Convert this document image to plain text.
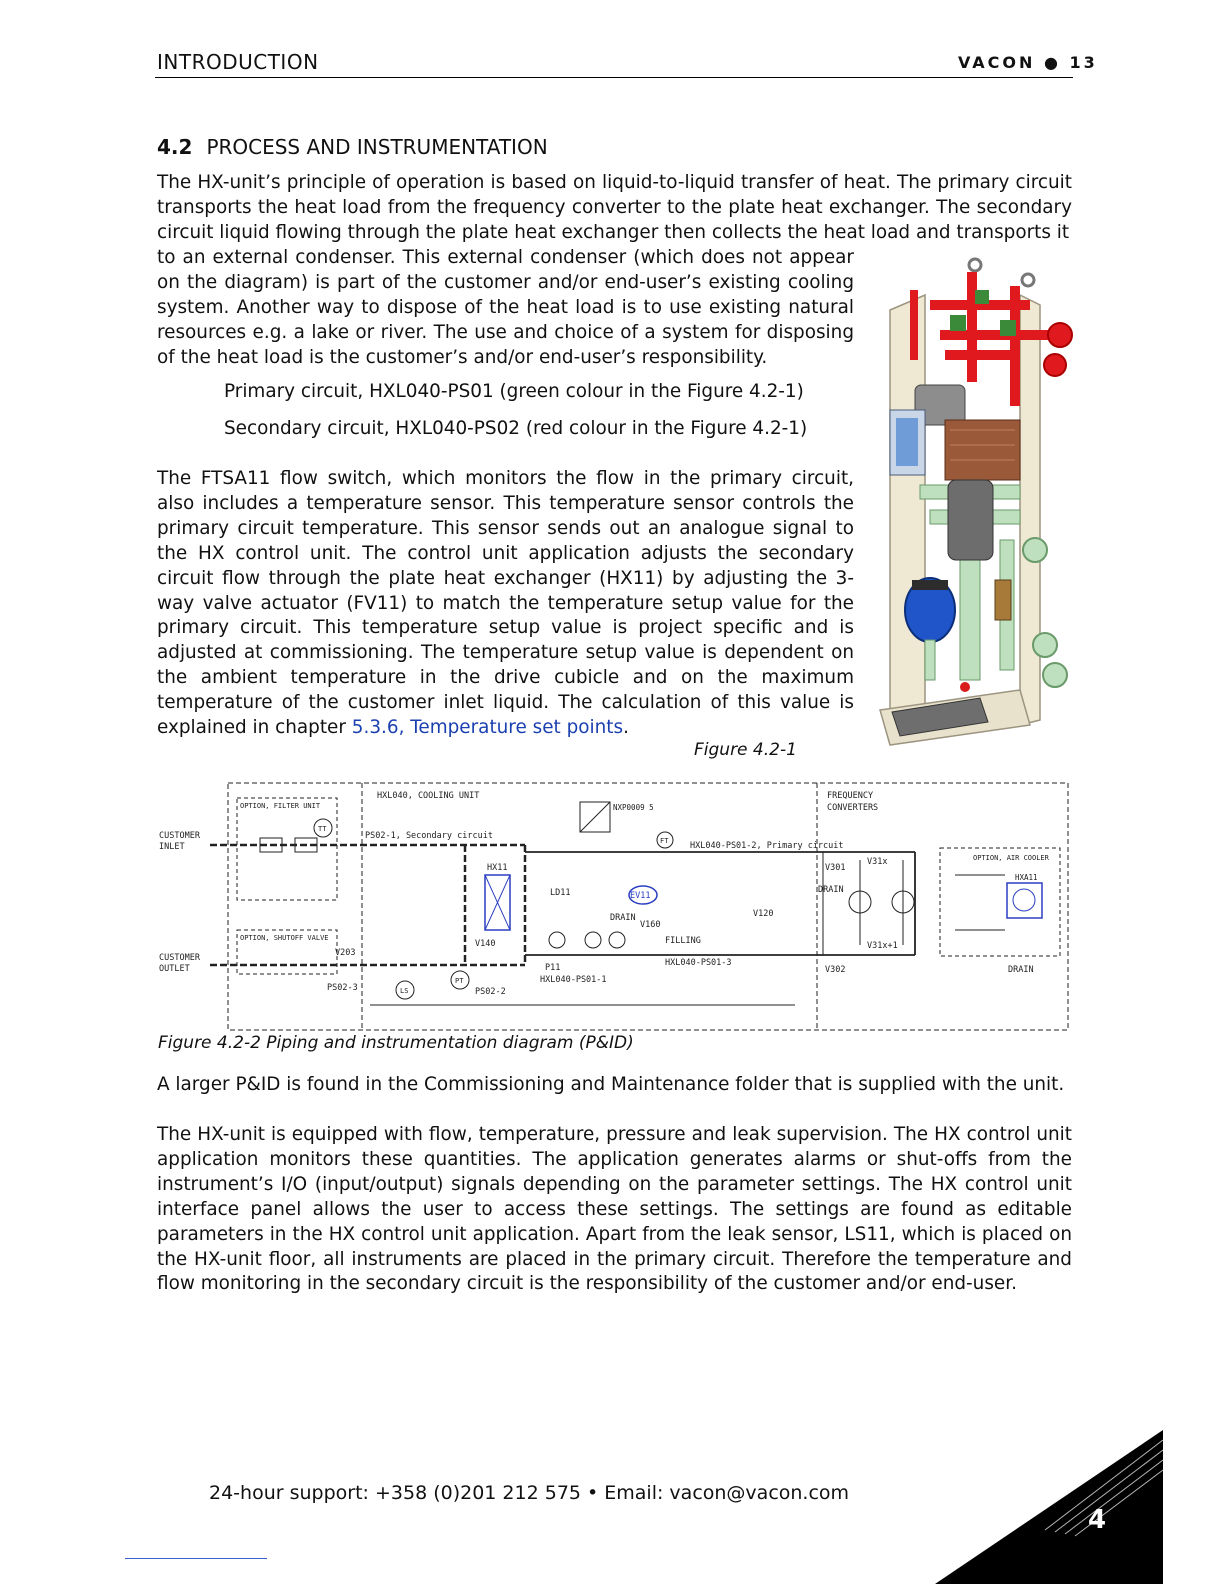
INTRODUCTION	VACON ● 13
4.2 PROCESS AND INSTRUMENTATION
The HX-unit’s principle of operation is based on liquid-to-liquid transfer of heat. The primary circuit transports the heat load from the frequency converter to the plate heat exchanger. The secondary circuit liquid flowing through the plate heat exchanger then collects the heat load and transports it
to an external condenser. This external condenser (which does not appear on the diagram) is part of the customer and/or end-user’s existing cooling system. Another way to dispose of the heat load is to use existing natural resources e.g. a lake or river. The use and choice of a system for disposing of the heat load is the customer’s and/or end-user’s responsibility.
Primary circuit, HXL040-PS01 (green colour in the Figure 4.2-1)
Secondary circuit, HXL040-PS02 (red colour in the Figure 4.2-1)
The FTSA11 flow switch, which monitors the flow in the primary circuit, also includes a temperature sensor. This temperature sensor controls the primary circuit temperature. This sensor sends out an analogue signal to the HX control unit. The control unit application adjusts the secondary circuit flow through the plate heat exchanger (HX11) by adjusting the 3-way valve actuator (FV11) to match the temperature setup value for the primary circuit. This temperature setup value is project specific and is adjusted at commissioning. The temperature setup value is dependent on the ambient temperature in the drive cubicle and on the maximum temperature of the customer inlet liquid. The calculation of this value is explained in chapter 5.3.6, Temperature set points.
Figure 4.2-1
HXL040, COOLING UNIT	FREQUENCY
CONVERTERS
OPTION, FILTER UNIT
OPTION, SHUTOFF VALVE
OPTION, AIR COOLER
CUSTOMER
INLET
CUSTOMER
OUTLET
PS02-1, Secondary circuit
HXL040-PS01-2, Primary circuit
HXL040-PS01-3
HXL040-PS01-1
PS02-2
PS02-3
NXP0009 5
HX11
HXA11
EV11
DRAIN
DRAIN
DRAIN
FILLING
V160
V140
V120
V301
V302
V31x
V31x+1
V203
TT
FT
LS
PT
P11
LD11
Figure 4.2-2 Piping and instrumentation diagram (P&ID)
A larger P&ID is found in the Commissioning and Maintenance folder that is supplied with the unit.
The HX-unit is equipped with flow, temperature, pressure and leak supervision. The HX control unit application monitors these quantities. The application generates alarms or shut-offs from the instrument’s I/O (input/output) signals depending on the parameter settings. The HX control unit interface panel allows the user to access these settings. The settings are found as editable parameters in the HX control unit application. Apart from the leak sensor, LS11, which is placed on the HX-unit floor, all instruments are placed in the primary circuit. Therefore the temperature and flow monitoring in the secondary circuit is the responsibility of the customer and/or end-user.
24-hour support: +358 (0)201 212 575 • Email: vacon@vacon.com
4
